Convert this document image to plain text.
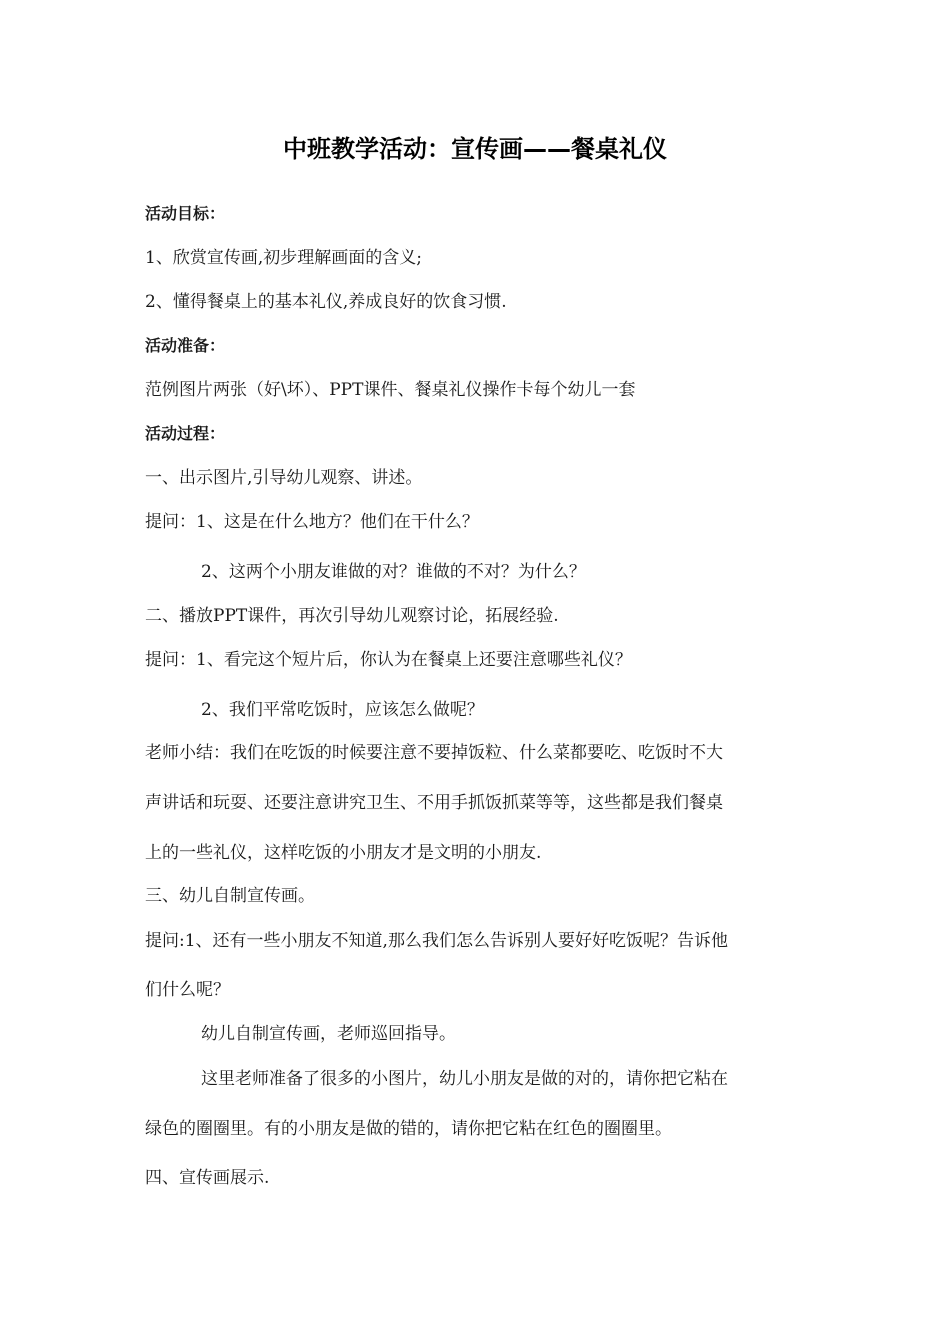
中班教学活动：宣传画——餐桌礼仪
活动目标：
1、欣赏宣传画,初步理解画面的含义;
2、懂得餐桌上的基本礼仪,养成良好的饮食习惯.
活动准备：
范例图片两张（好\坏）、PPT课件、餐桌礼仪操作卡每个幼儿一套
活动过程：
一、出示图片,引导幼儿观察、讲述。
提问：1、这是在什么地方？他们在干什么？
2、这两个小朋友谁做的对？谁做的不对？为什么？
二、播放PPT课件，再次引导幼儿观察讨论，拓展经验.
提问：1、看完这个短片后，你认为在餐桌上还要注意哪些礼仪？
2、我们平常吃饭时，应该怎么做呢？
老师小结：我们在吃饭的时候要注意不要掉饭粒、什么菜都要吃、吃饭时不大
声讲话和玩耍、还要注意讲究卫生、不用手抓饭抓菜等等，这些都是我们餐桌
上的一些礼仪，这样吃饭的小朋友才是文明的小朋友.
三、幼儿自制宣传画。
提问:1、还有一些小朋友不知道,那么我们怎么告诉别人要好好吃饭呢？告诉他
们什么呢？
幼儿自制宣传画，老师巡回指导。
这里老师准备了很多的小图片，幼儿小朋友是做的对的，请你把它粘在
绿色的圈圈里。有的小朋友是做的错的，请你把它粘在红色的圈圈里。
四、宣传画展示.
